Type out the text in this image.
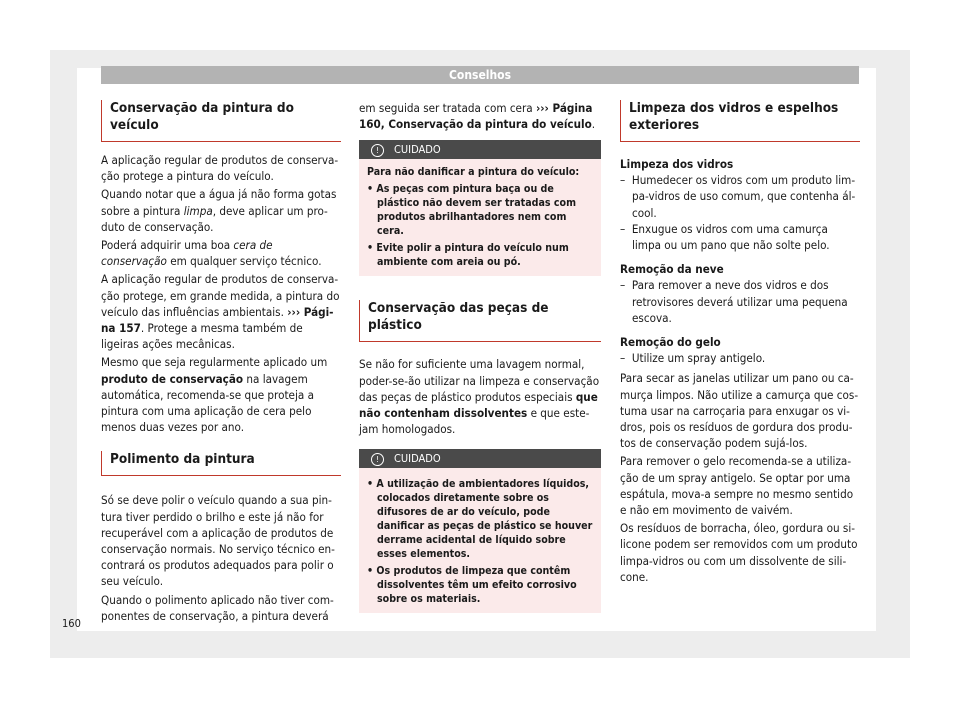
Conselhos
Conservação da pintura do veículo

A aplicação regular de produtos de conservação protege a pintura do veículo.

Quando notar que a água já não forma gotas sobre a pintura limpa, deve aplicar um produto de conservação.

Poderá adquirir uma boa cera de conservação em qualquer serviço técnico.

A aplicação regular de produtos de conservação protege, em grande medida, a pintura do veículo das influências ambientais. ››› Página 157. Protege a mesma também de ligeiras ações mecânicas.

Mesmo que seja regularmente aplicado um produto de conservação na lavagem automática, recomenda-se que proteja a pintura com uma aplicação de cera pelo menos duas vezes por ano.

Polimento da pintura

Só se deve polir o veículo quando a sua pintura tiver perdido o brilho e este já não for recuperável com a aplicação de produtos de conservação normais. No serviço técnico encontrará os produtos adequados para polir o seu veículo.

Quando o polimento aplicado não tiver componentes de conservação, a pintura deverá

em seguida ser tratada com cera ››› Página 160, Conservação da pintura do veículo.

! CUIDADO
Para não danificar a pintura do veículo:
• As peças com pintura baça ou de plástico não devem ser tratadas com produtos abrilhantadores nem com cera.
• Evite polir a pintura do veículo num ambiente com areia ou pó.
Conservação das peças de plástico

Se não for suficiente uma lavagem normal, poder-se-ão utilizar na limpeza e conservação das peças de plástico produtos especiais que não contenham dissolventes e que estejam homologados.

! CUIDADO
• A utilização de ambientadores líquidos, colocados diretamente sobre os difusores de ar do veículo, pode danificar as peças de plástico se houver derrame acidental de líquido sobre esses elementos.
• Os produtos de limpeza que contêm dissolventes têm um efeito corrosivo sobre os materiais.
Limpeza dos vidros e espelhos
exteriores
Limpeza dos vidros
–  Humedecer os vidros com um produto limpa-vidros de uso comum, que contenha álcool.
–  Enxugue os vidros com uma camurça limpa ou um pano que não solte pelo.
Remoção da neve
–  Para remover a neve dos vidros e dos retrovisores deverá utilizar uma pequena escova.
Remoção do gelo
–  Utilize um spray antigelo.

Para secar as janelas utilizar um pano ou camurça limpos. Não utilize a camurça que costuma usar na carroçaria para enxugar os vidros, pois os resíduos de gordura dos produtos de conservação podem sujá-los.

Para remover o gelo recomenda-se a utilização de um spray antigelo. Se optar por uma espátula, mova-a sempre no mesmo sentido e não em movimento de vaivém.

Os resíduos de borracha, óleo, gordura ou silicone podem ser removidos com um produto limpa-vidros ou com um dissolvente de silicone.

160
